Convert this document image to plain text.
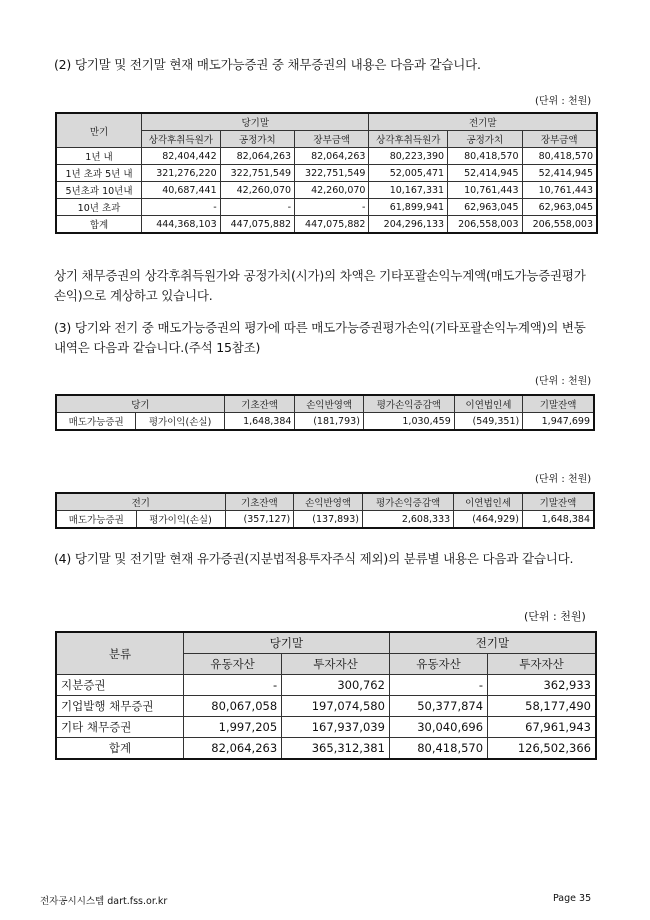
(2) 당기말 및 전기말 현재 매도가능증권 중 채무증권의 내용은 다음과 같습니다.
(단위 : 천원)
만기	당기말			전기말		
	상각후취득원가	공정가치	장부금액	상각후취득원가	공정가치	장부금액
1년 내	82,404,442	82,064,263	82,064,263	80,223,390	80,418,570	80,418,570
1년 초과 5년 내	321,276,220	322,751,549	322,751,549	52,005,471	52,414,945	52,414,945
5년초과 10년내	40,687,441	42,260,070	42,260,070	10,167,331	10,761,443	10,761,443
10년 초과	-	-	-	61,899,941	62,963,045	62,963,045
합계	444,368,103	447,075,882	447,075,882	204,296,133	206,558,003	206,558,003
상기 채무증권의 상각후취득원가와 공정가치(시가)의 차액은 기타포괄손익누계액(매도가능증권평가손익)으로 계상하고 있습니다.
(3) 당기와 전기 중 매도가능증권의 평가에 따른 매도가능증권평가손익(기타포괄손익누계액)의 변동 내역은 다음과 같습니다.(주석 15참조)
(단위 : 천원)
당기		기초잔액	손익반영액	평가손익증감액	이연법인세	기말잔액
매도가능증권	평가이익(손실)	1,648,384	(181,793)	1,030,459	(549,351)	1,947,699
(단위 : 천원)
전기		기초잔액	손익반영액	평가손익증감액	이연법인세	기말잔액
매도가능증권	평가이익(손실)	(357,127)	(137,893)	2,608,333	(464,929)	1,648,384
(4) 당기말 및 전기말 현재 유가증권(지분법적용투자주식 제외)의 분류별 내용은 다음과 같습니다.
(단위 : 천원)
분류	당기말		전기말	
	유동자산	투자자산	유동자산	투자자산
지분증권	-	300,762	-	362,933
기업발행 채무증권	80,067,058	197,074,580	50,377,874	58,177,490
기타 채무증권	1,997,205	167,937,039	30,040,696	67,961,943
합계	82,064,263	365,312,381	80,418,570	126,502,366
전자공시시스템 dart.fss.or.kr	Page 35
